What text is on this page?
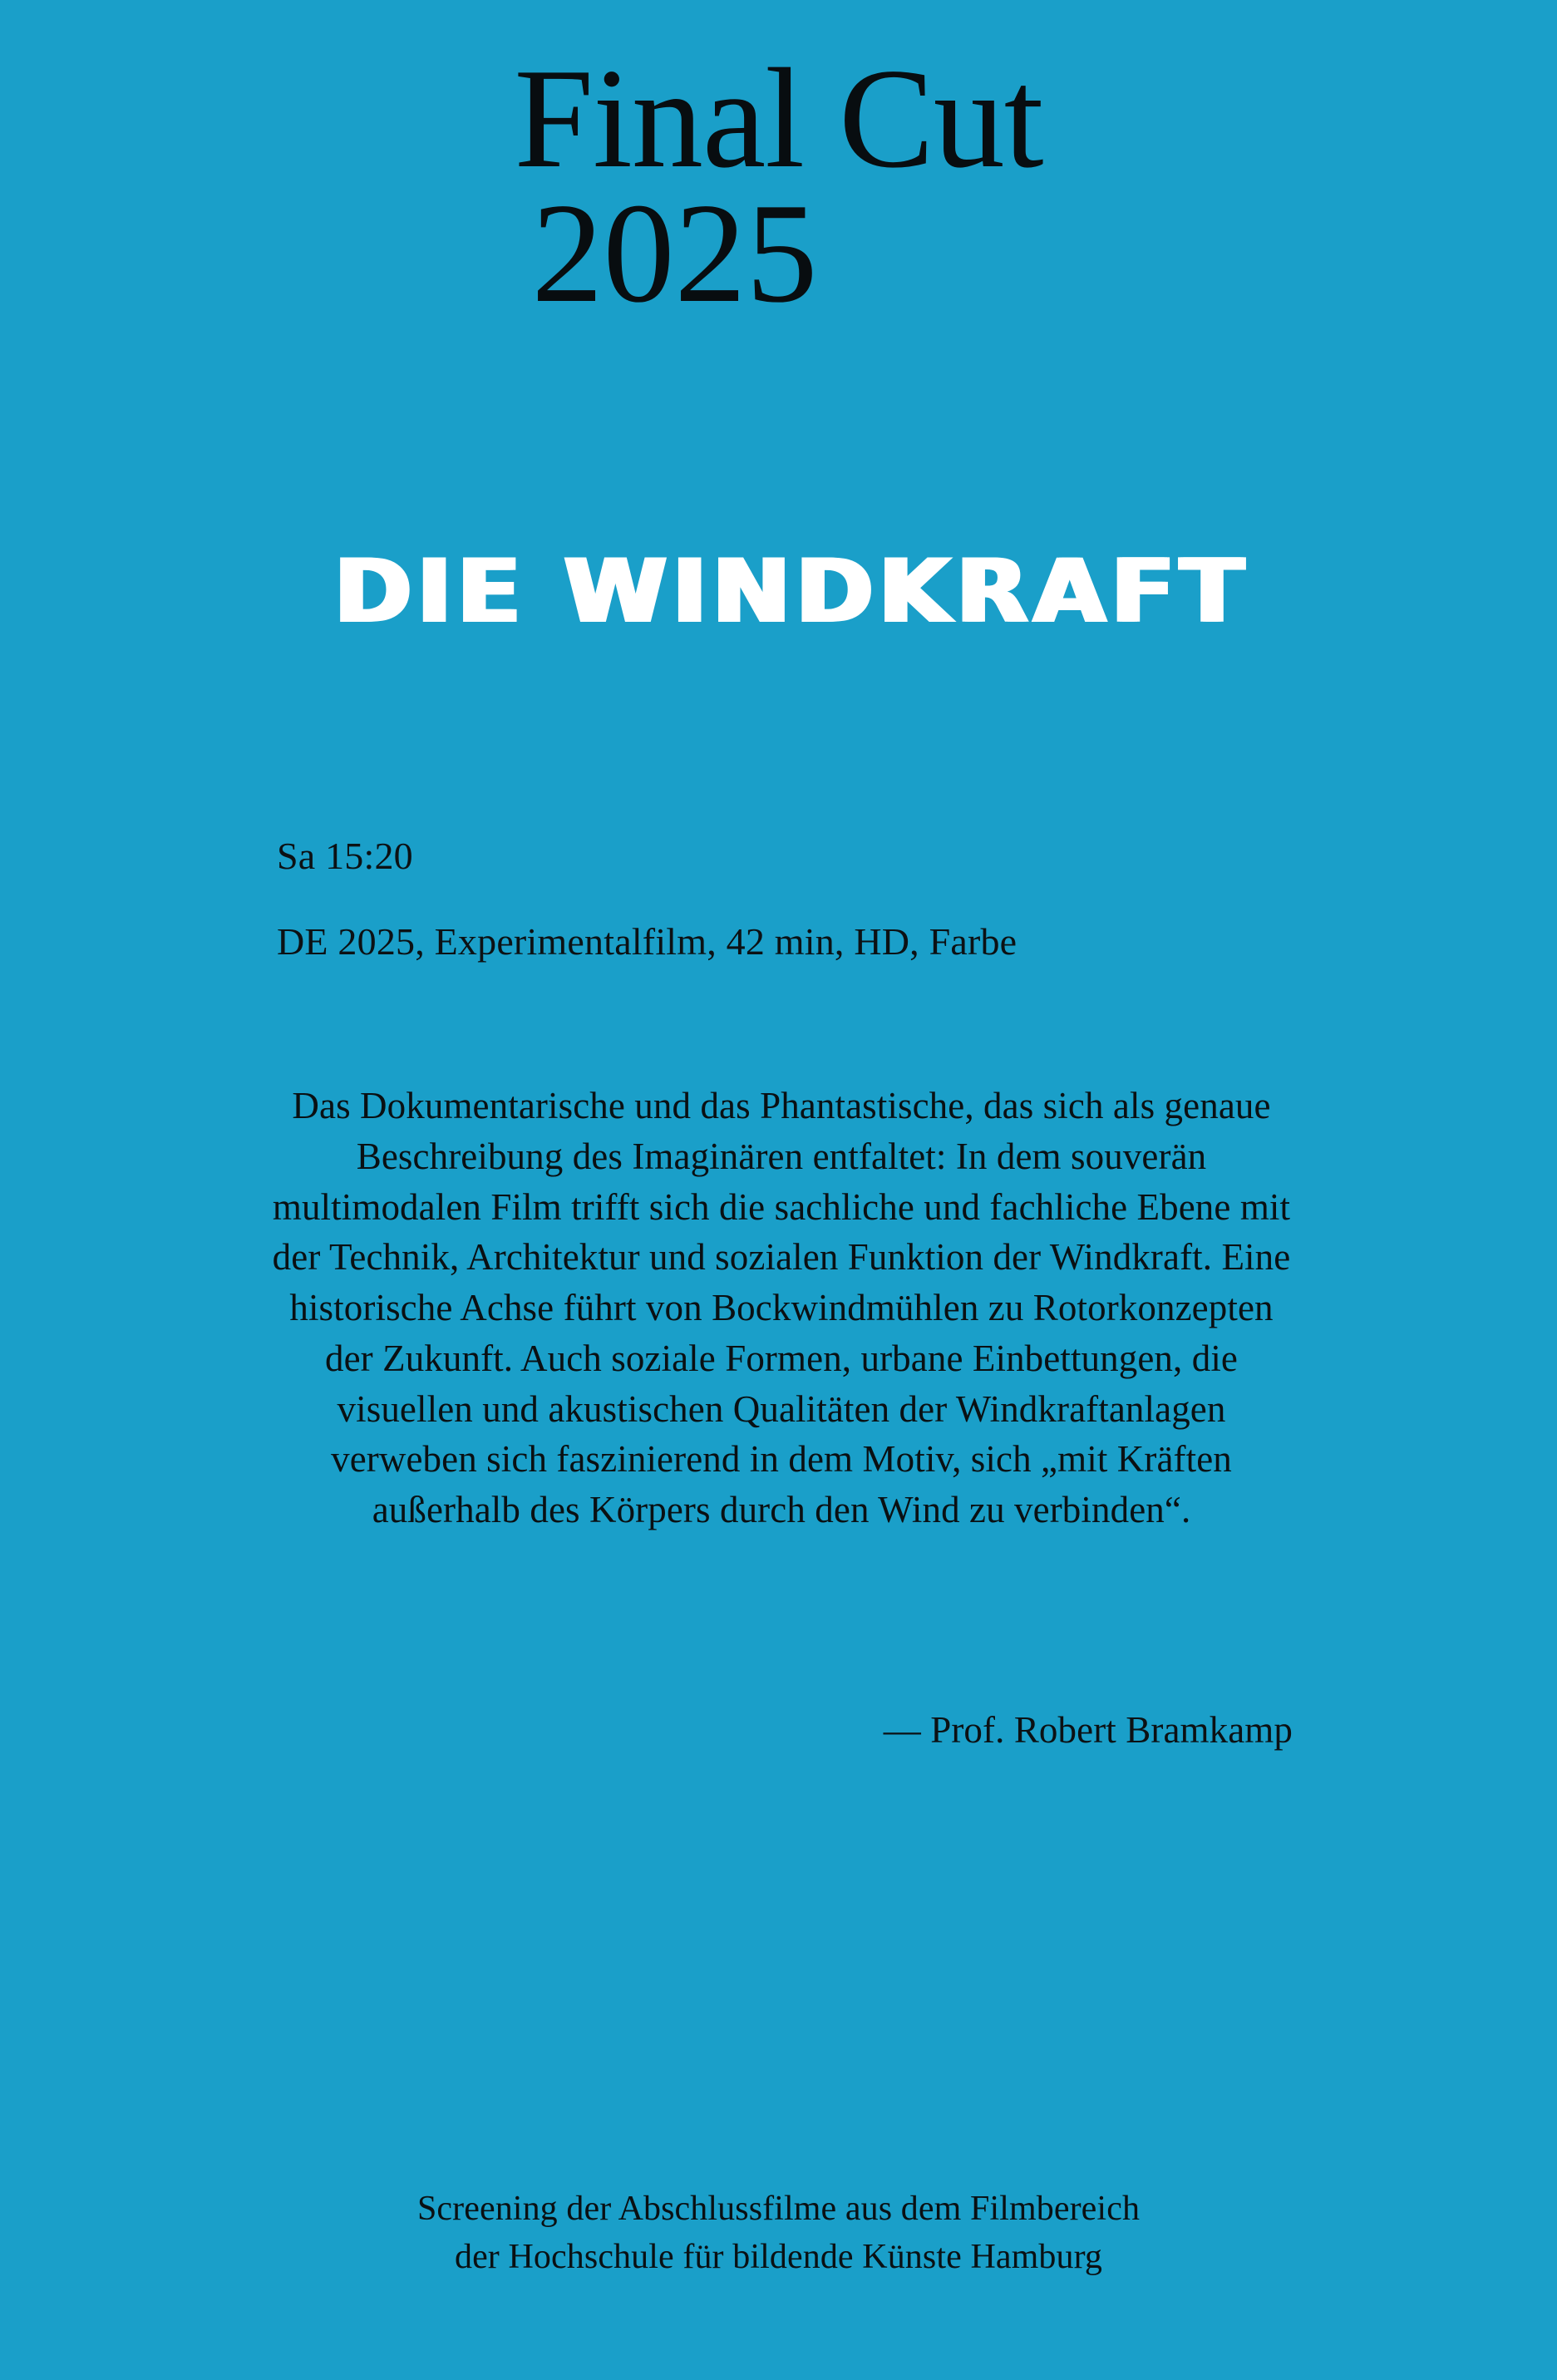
Final Cut
2025
DIE WINDKRAFT
Sa 15:20
DE 2025, Experimentalfilm, 42 min, HD, Farbe

Das Dokumentarische und das Phantastische, das sich als genaue Beschreibung des Imaginären entfaltet: In dem souverän multimodalen Film trifft sich die sachliche und fachliche Ebene mit der Technik, Architektur und sozialen Funktion der Windkraft. Eine historische Achse führt von Bockwindmühlen zu Rotorkonzepten der Zukunft. Auch soziale Formen, urbane Einbettungen, die visuellen und akustischen Qualitäten der Windkraftanlagen verweben sich faszinierend in dem Motiv, sich „mit Kräften außerhalb des Körpers durch den Wind zu verbinden“.

— Prof. Robert Bramkamp
Screening der Abschlussfilme aus dem Filmbereich
der Hochschule für bildende Künste Hamburg
